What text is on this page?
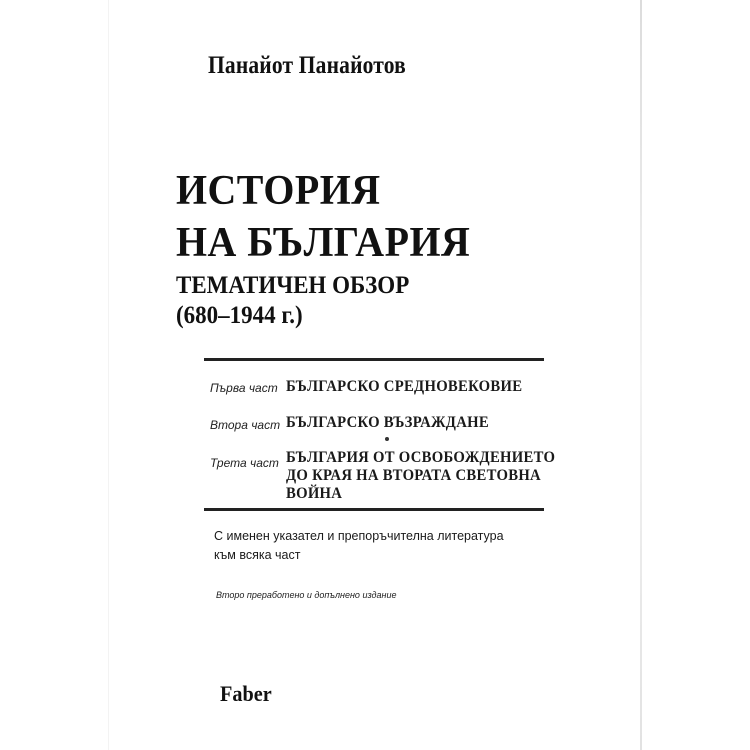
Панайот Панайотов
ИСТОРИЯ
НА БЪЛГАРИЯ
ТЕМАТИЧЕН ОБЗОР
(680–1944 г.)
Първа част БЪЛГАРСКО СРЕДНОВЕКОВИЕ
Втора част БЪЛГАРСКО ВЪЗРАЖДАНЕ
Трета част БЪЛГАРИЯ ОТ ОСВОБОЖДЕНИЕТО
ДО КРАЯ НА ВТОРАТА СВЕТОВНА
ВОЙНА
С именен указател и препоръчителна литература
към всяка част
Второ преработено и допълнено издание
Faber
